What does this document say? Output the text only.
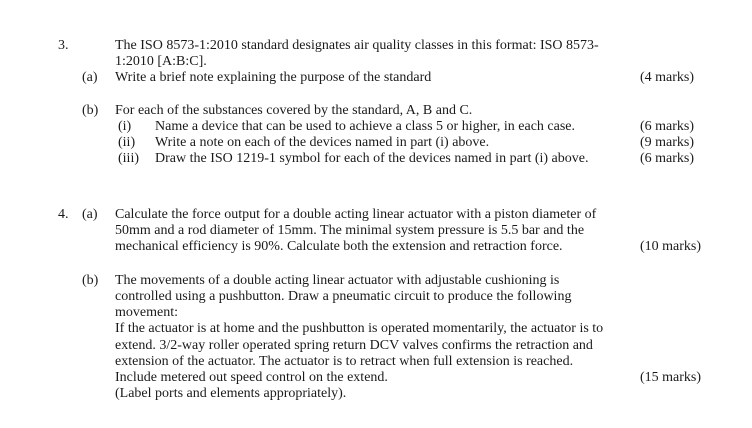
3.	The ISO 8573-1:2010 standard designates air quality classes in this format: ISO 8573-
1:2010 [A:B:C].
(a) Write a brief note explaining the purpose of the standard	(4 marks)
(b) For each of the substances covered by the standard, A, B and C.
(i) Name a device that can be used to achieve a class 5 or higher, in each case.	(6 marks)
(ii) Write a note on each of the devices named in part (i) above.	(9 marks)
(iii) Draw the ISO 1219-1 symbol for each of the devices named in part (i) above.	(6 marks)
4. (a) Calculate the force output for a double acting linear actuator with a piston diameter of
50mm and a rod diameter of 15mm. The minimal system pressure is 5.5 bar and the
mechanical efficiency is 90%. Calculate both the extension and retraction force.	(10 marks)
(b) The movements of a double acting linear actuator with adjustable cushioning is
controlled using a pushbutton. Draw a pneumatic circuit to produce the following
movement:
If the actuator is at home and the pushbutton is operated momentarily, the actuator is to
extend. 3/2-way roller operated spring return DCV valves confirms the retraction and
extension of the actuator. The actuator is to retract when full extension is reached.
Include metered out speed control on the extend.	(15 marks)
(Label ports and elements appropriately).
